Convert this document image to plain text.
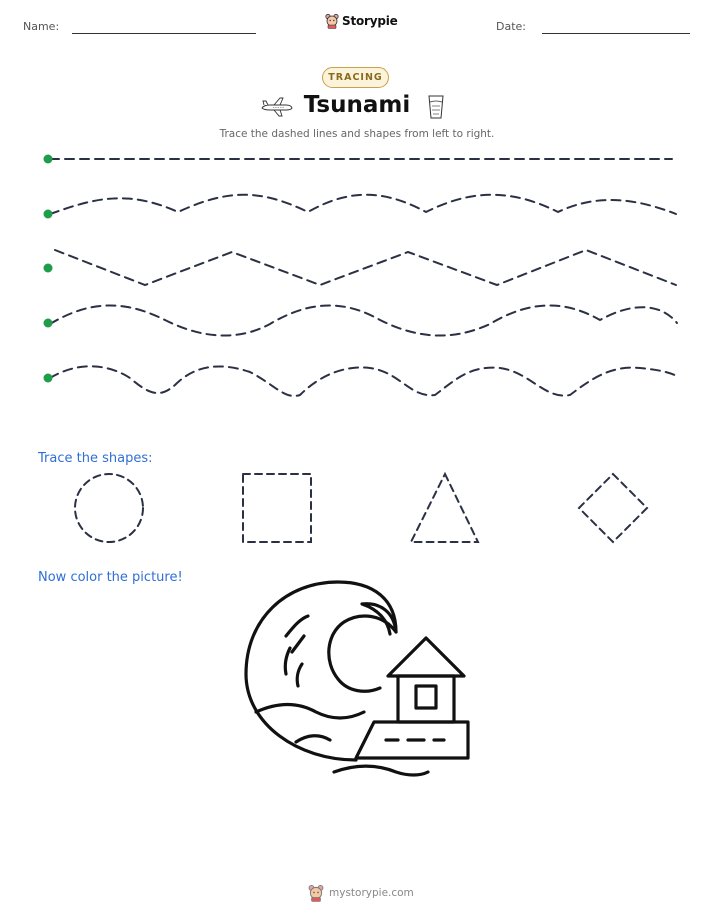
Name:	Storypie	Date:
TRACING
Tsunami
Trace the dashed lines and shapes from left to right.
Trace the shapes:
Now color the picture!
mystorypie.com
